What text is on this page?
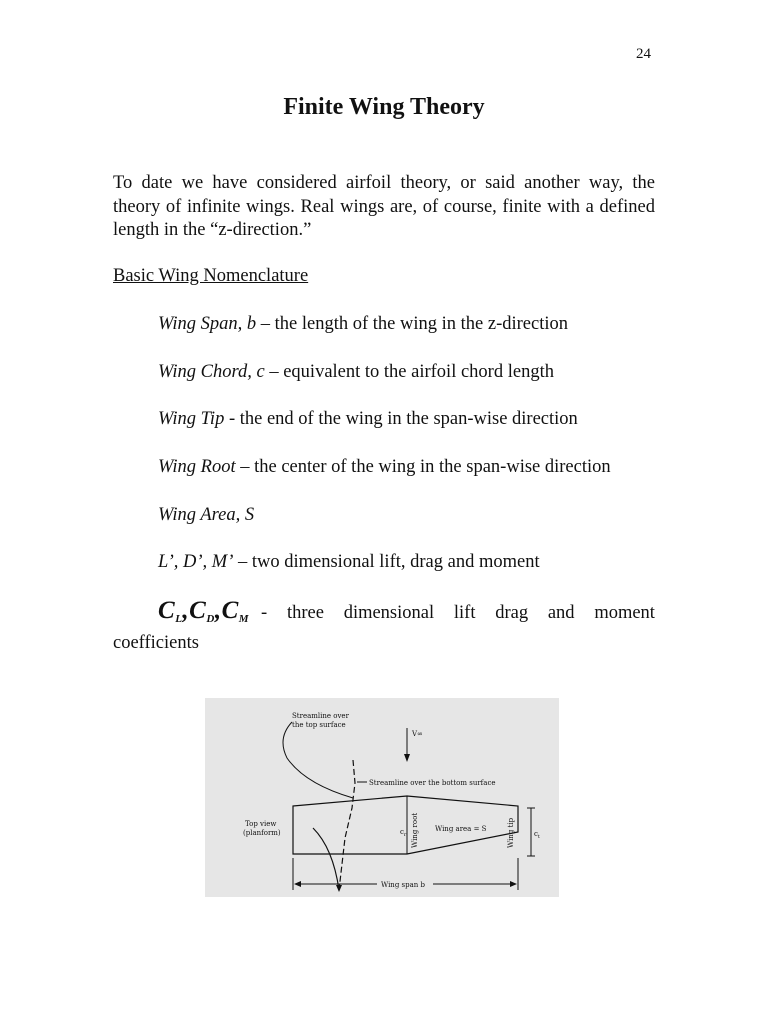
24
Finite Wing Theory

To date we have considered airfoil theory, or said another way, the theory of infinite wings. Real wings are, of course, finite with a defined length in the “z-direction.”

Basic Wing Nomenclature

Wing Span, b – the length of the wing in the z-direction

Wing Chord, c – equivalent to the airfoil chord length

Wing Tip - the end of the wing in the span-wise direction

Wing Root – the center of the wing in the span-wise direction

Wing Area, S

L’, D’, M’ – two dimensional lift, drag and moment

$C_L,C_D,C_M$ - three dimensional lift drag and moment
coefficients
Streamline over
the top surface
V∞
Streamline over the bottom surface
Top view
(planform)	$c_r$ Wing root Wing area = S	Wing tip	$c_t$
Wing span b
